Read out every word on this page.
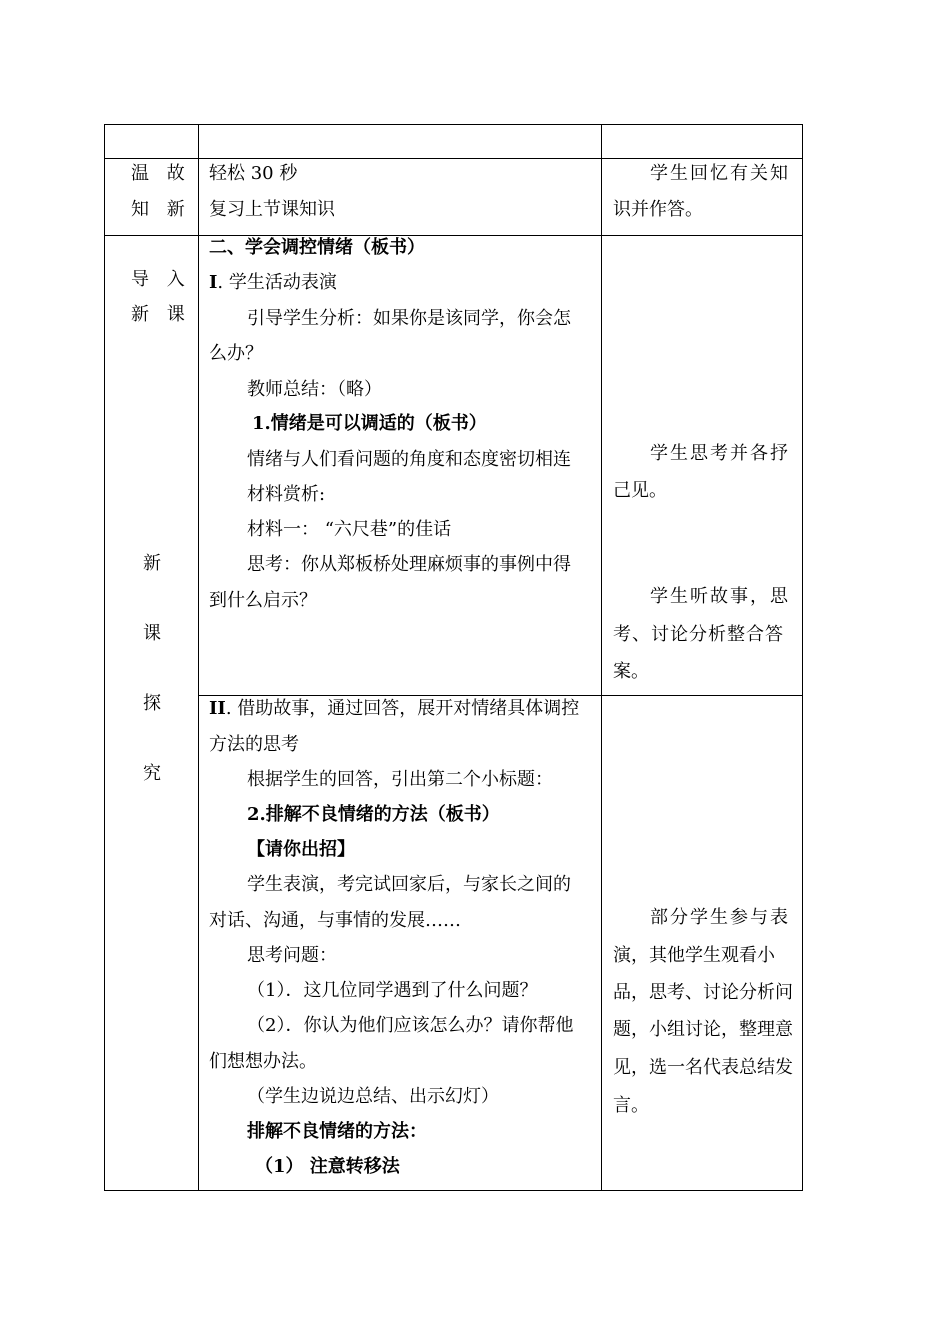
温 故
知 新
轻松 30 秒
复习上节课知识
学生回忆有关知
识并作答。
导 入
新 课
新
课
探
究
二、学会调控情绪（板书）
I. 学生活动表演
引导学生分析：如果你是该同学，你会怎
么办？
教师总结：（略）
1.情绪是可以调适的（板书）
情绪与人们看问题的角度和态度密切相连
材料赏析:
材料一： “六尺巷”的佳话
思考：你从郑板桥处理麻烦事的事例中得
到什么启示？
学生思考并各抒
己见。
学生听故事，思
考、讨论分析整合答
案。
II. 借助故事，通过回答，展开对情绪具体调控
方法的思考
根据学生的回答，引出第二个小标题：
2.排解不良情绪的方法（板书）
【请你出招】
学生表演，考完试回家后，与家长之间的
对话、沟通，与事情的发展……
思考问题：
（1）．这几位同学遇到了什么问题？
（2）．你认为他们应该怎么办？请你帮他
们想想办法。
（学生边说边总结、出示幻灯）
排解不良情绪的方法：
（1） 注意转移法
部分学生参与表
演，其他学生观看小
品，思考、讨论分析问
题，小组讨论，整理意
见，选一名代表总结发
言。
